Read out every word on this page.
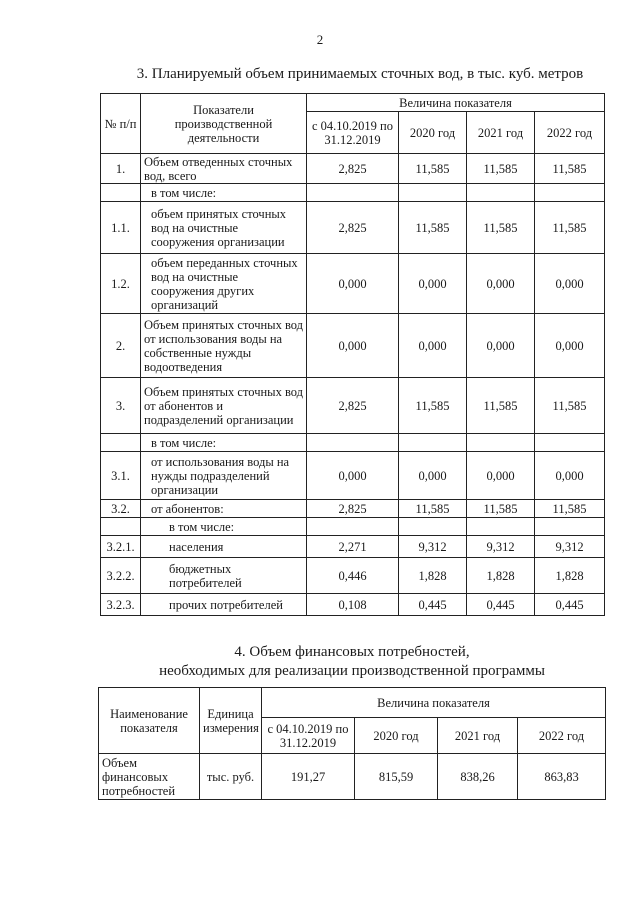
2
3. Планируемый объем принимаемых сточных вод, в тыс. куб. метров
№ п/п	Показатели производственной деятельности	Величина показателя			
		с 04.10.2019 по 31.12.2019	2020 год	2021 год	2022 год
1.	Объем отведенных сточных вод, всего	2,825	11,585	11,585	11,585
	в том числе:				
1.1.	объем принятых сточных вод на очистные сооружения организации	2,825	11,585	11,585	11,585
1.2.	объем переданных сточных вод на очистные сооружения других организаций	0,000	0,000	0,000	0,000
2.	Объем принятых сточных вод от использования воды на собственные нужды водоотведения	0,000	0,000	0,000	0,000
3.	Объем принятых сточных вод от абонентов и подразделений организации	2,825	11,585	11,585	11,585
	в том числе:				
3.1.	от использования воды на нужды подразделений организации	0,000	0,000	0,000	0,000
3.2.	от абонентов:	2,825	11,585	11,585	11,585
	в том числе:				
3.2.1.	населения	2,271	9,312	9,312	9,312
3.2.2.	бюджетных потребителей	0,446	1,828	1,828	1,828
3.2.3.	прочих потребителей	0,108	0,445	0,445	0,445
4. Объем финансовых потребностей,
необходимых для реализации производственной программы
Наименование показателя	Единица измерения	Величина показателя			
		с 04.10.2019 по 31.12.2019	2020 год	2021 год	2022 год
Объем финансовых потребностей	тыс. руб.	191,27	815,59	838,26	863,83
